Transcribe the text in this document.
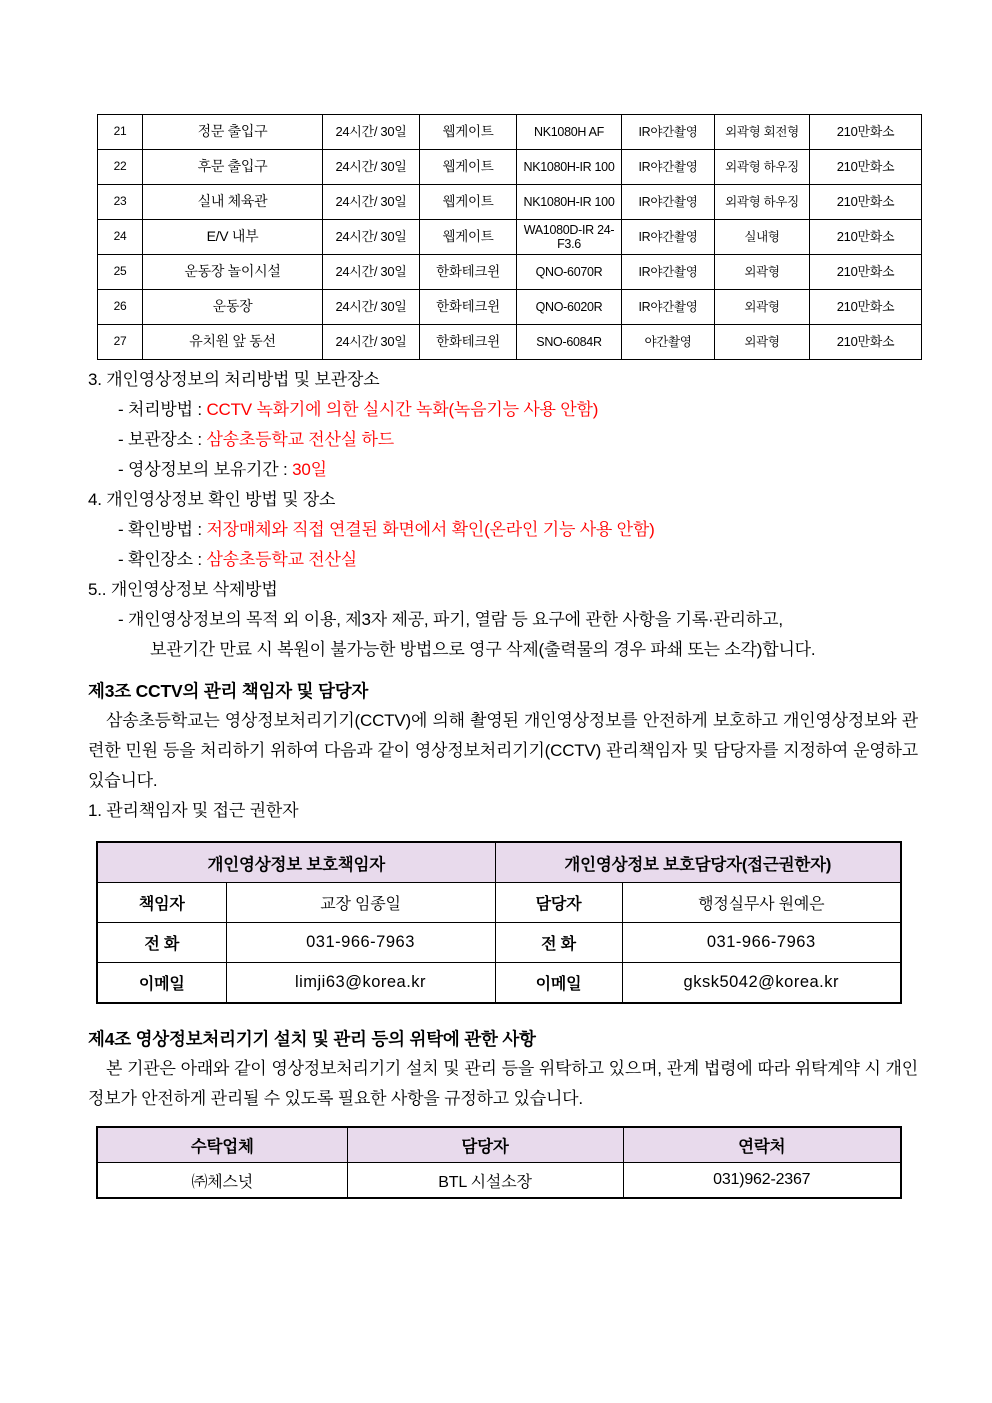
21	정문 출입구	24시간/ 30일	웹게이트	NK1080H AF	IR야간촬영	외곽형 회전형	210만화소
22	후문 출입구	24시간/ 30일	웹게이트	NK1080H-IR 100	IR야간촬영	외곽형 하우징	210만화소
23	실내 체육관	24시간/ 30일	웹게이트	NK1080H-IR 100	IR야간촬영	외곽형 하우징	210만화소
24	E/V 내부	24시간/ 30일	웹게이트	WA1080D-IR 24-F3.6	IR야간촬영	실내형	210만화소
25	운동장 놀이시설	24시간/ 30일	한화테크윈	QNO-6070R	IR야간촬영	외곽형	210만화소
26	운동장	24시간/ 30일	한화테크윈	QNO-6020R	IR야간촬영	외곽형	210만화소
27	유치원 앞 동선	24시간/ 30일	한화테크윈	SNO-6084R	야간촬영	외곽형	210만화소
3. 개인영상정보의 처리방법 및 보관장소
- 처리방법 : CCTV 녹화기에 의한 실시간 녹화(녹음기능 사용 안함)
- 보관장소 : 삼송초등학교 전산실 하드
- 영상정보의 보유기간 : 30일
4. 개인영상정보 확인 방법 및 장소
- 확인방법 : 저장매체와 직접 연결된 화면에서 확인(온라인 기능 사용 안함)
- 확인장소 : 삼송초등학교 전산실
5.. 개인영상정보 삭제방법
- 개인영상정보의 목적 외 이용, 제3자 제공, 파기, 열람 등 요구에 관한 사항을 기록·관리하고,
보관기간 만료 시 복원이 불가능한 방법으로 영구 삭제(출력물의 경우 파쇄 또는 소각)합니다.
제3조 CCTV의 관리 책임자 및 담당자
삼송초등학교는 영상정보처리기기(CCTV)에 의해 촬영된 개인영상정보를 안전하게 보호하고 개인영상정보와 관련한 민원 등을 처리하기 위하여 다음과 같이 영상정보처리기기(CCTV) 관리책임자 및 담당자를 지정하여 운영하고 있습니다.
1. 관리책임자 및 접근 권한자
개인영상정보 보호책임자		개인영상정보 보호담당자(접근권한자)	
책임자	교장 임종일	담당자	행정실무사 원예은
전 화	031-966-7963	전 화	031-966-7963
이메일	limji63@korea.kr	이메일	gksk5042@korea.kr
제4조 영상정보처리기기 설치 및 관리 등의 위탁에 관한 사항
본 기관은 아래와 같이 영상정보처리기기 설치 및 관리 등을 위탁하고 있으며, 관계 법령에 따라 위탁계약 시 개인정보가 안전하게 관리될 수 있도록 필요한 사항을 규정하고 있습니다.
수탁업체	담당자	연락처
㈜체스넛	BTL 시설소장	031)962-2367
